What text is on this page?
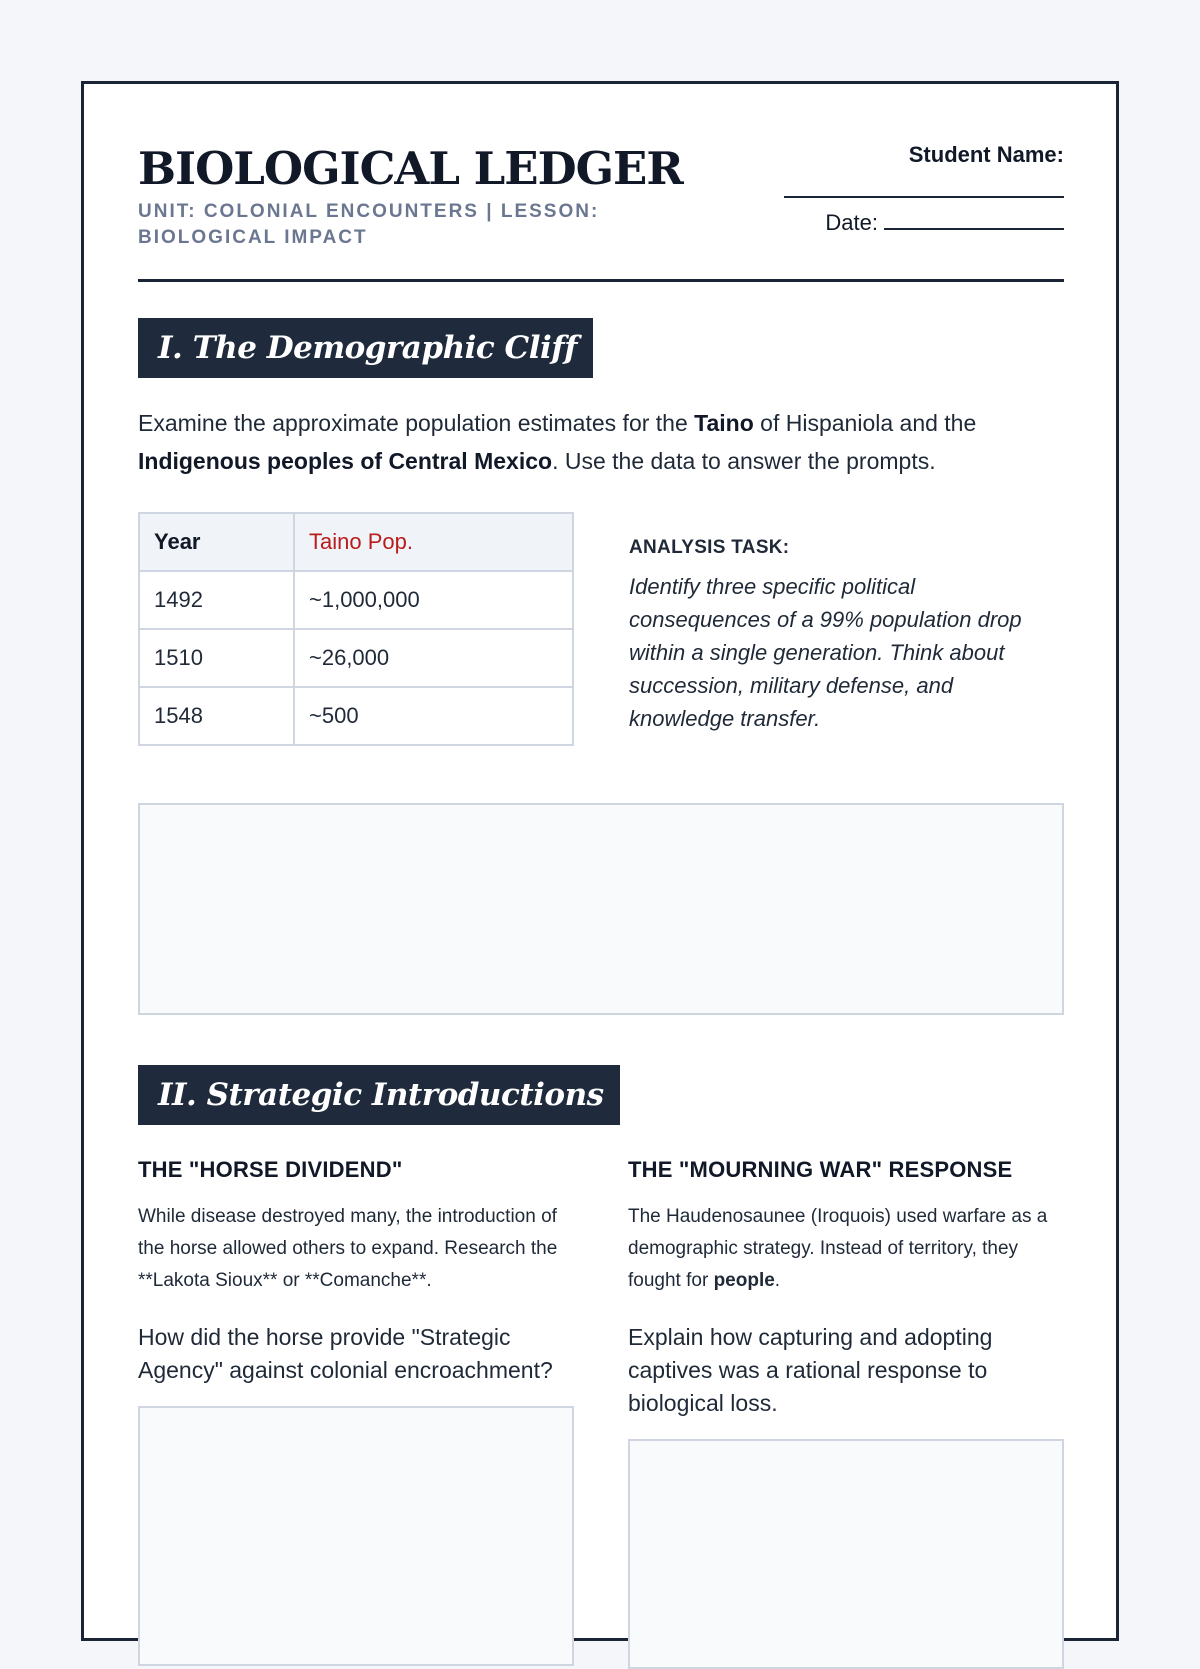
BIOLOGICAL LEDGER
UNIT: COLONIAL ENCOUNTERS | LESSON: BIOLOGICAL IMPACT
Student Name:
Date:
I. The Demographic Cliff

Examine the approximate population estimates for the Taino of Hispaniola and the Indigenous peoples of Central Mexico. Use the data to answer the prompts.

Year	Taino Pop.
1492	~1,000,000
1510	~26,000
1548	~500
ANALYSIS TASK:

Identify three specific political consequences of a 99% population drop within a single generation. Think about succession, military defense, and knowledge transfer.

II. Strategic Introductions
THE "HORSE DIVIDEND"

While disease destroyed many, the introduction of the horse allowed others to expand. Research the **Lakota Sioux** or **Comanche**.

How did the horse provide "Strategic Agency" against colonial encroachment?

THE "MOURNING WAR" RESPONSE

The Haudenosaunee (Iroquois) used warfare as a demographic strategy. Instead of territory, they fought for people.

Explain how capturing and adopting captives was a rational response to biological loss.
